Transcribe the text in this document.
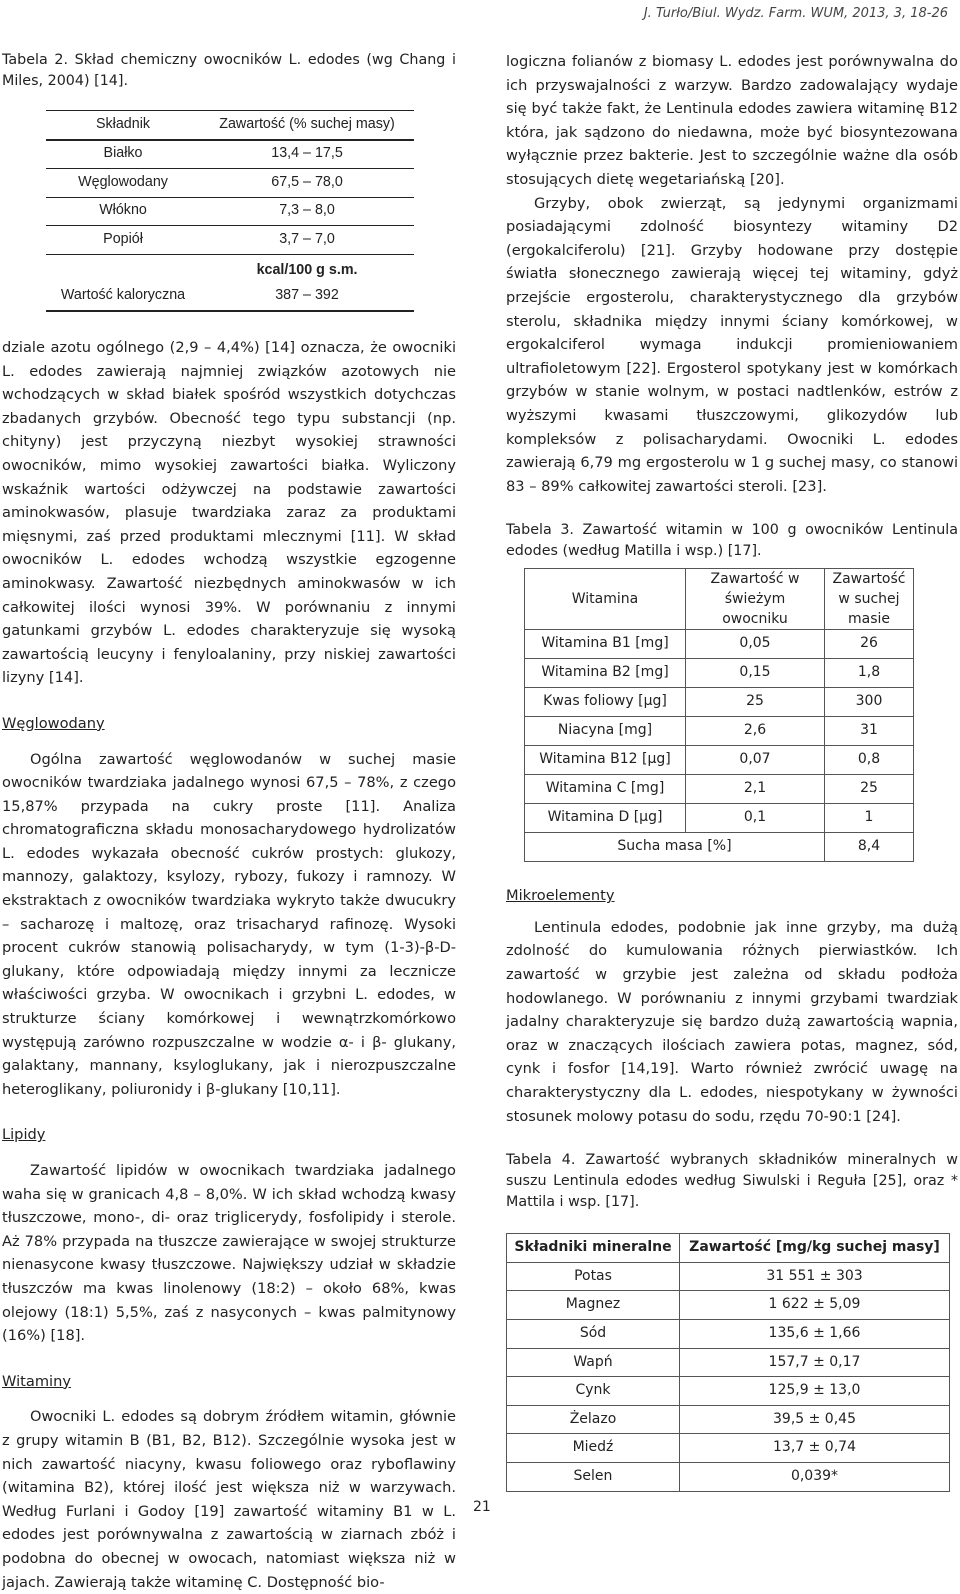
J. Turło/Biul. Wydz. Farm. WUM, 2013, 3, 18-26

Tabela 2. Skład chemiczny owocników L. edodes (wg Chang i Miles, 2004) [14].

Składnik	Zawartość (% suchej masy)
Białko	13,4 – 17,5
Węglowodany	67,5 – 78,0
Włókno	7,3 – 8,0
Popiół	3,7 – 7,0
	kcal/100 g s.m.
Wartość kaloryczna	387 – 392

dziale azotu ogólnego (2,9 – 4,4%) [14] oznacza, że owocniki L. edodes zawierają najmniej związków azotowych nie wchodzących w skład białek spośród wszystkich dotychczas zbadanych grzybów. Obecność tego typu substancji (np. chityny) jest przyczyną niezbyt wysokiej strawności owocników, mimo wysokiej zawartości białka. Wyliczony wskaźnik wartości odżywczej na podstawie zawartości aminokwasów, plasuje twardziaka zaraz za produktami mięsnymi, zaś przed produktami mlecznymi [11]. W skład owocników L. edodes wchodzą wszystkie egzogenne aminokwasy. Zawartość niezbędnych aminokwasów w ich całkowitej ilości wynosi 39%. W porównaniu z innymi gatunkami grzybów L. edodes charakteryzuje się wysoką zawartością leucyny i fenyloalaniny, przy niskiej zawartości lizyny [14].

Węglowodany

Ogólna zawartość węglowodanów w suchej masie owocników twardziaka jadalnego wynosi 67,5 – 78%, z czego 15,87% przypada na cukry proste [11]. Analiza chromatograficzna składu monosacharydowego hydrolizatów L. edodes wykazała obecność cukrów prostych: glukozy, mannozy, galaktozy, ksylozy, rybozy, fukozy i ramnozy. W ekstraktach z owocników twardziaka wykryto także dwucukry – sacharozę i maltozę, oraz trisacharyd rafinozę. Wysoki procent cukrów stanowią polisacharydy, w tym (1-3)-β-D-glukany, które odpowiadają między innymi za lecznicze właściwości grzyba. W owocnikach i grzybni L. edodes, w strukturze ściany komórkowej i wewnątrzkomórkowo występują zarówno rozpuszczalne w wodzie α- i β- glukany, galaktany, mannany, ksyloglukany, jak i nierozpuszczalne heteroglikany, poliuronidy i β-glukany [10,11].

Lipidy

Zawartość lipidów w owocnikach twardziaka jadalnego waha się w granicach 4,8 – 8,0%. W ich skład wchodzą kwasy tłuszczowe, mono-, di- oraz triglicerydy, fosfolipidy i sterole. Aż 78% przypada na tłuszcze zawierające w swojej strukturze nienasycone kwasy tłuszczowe. Największy udział w składzie tłuszczów ma kwas linolenowy (18:2) – około 68%, kwas olejowy (18:1) 5,5%, zaś z nasyconych – kwas palmitynowy (16%) [18].

Witaminy

Owocniki L. edodes są dobrym źródłem witamin, głównie z grupy witamin B (B1, B2, B12). Szczególnie wysoka jest w nich zawartość niacyny, kwasu foliowego oraz ryboflawiny (witamina B2), której ilość jest większa niż w warzywach. Według Furlani i Godoy [19] zawartość witaminy B1 w L. edodes jest porównywalna z zawartością w ziarnach zbóż i podobna do obecnej w owocach, natomiast większa niż w jajach. Zawierają także witaminę C. Dostępność bio-

logiczna folianów z biomasy L. edodes jest porównywalna do ich przyswajalności z warzyw. Bardzo zadowalający wydaje się być także fakt, że Lentinula edodes zawiera witaminę B12 która, jak sądzono do niedawna, może być biosyntezowana wyłącznie przez bakterie. Jest to szczególnie ważne dla osób stosujących dietę wegetariańską [20].

Grzyby, obok zwierząt, są jedynymi organizmami posiadającymi zdolność biosyntezy witaminy D2 (ergokalciferolu) [21]. Grzyby hodowane przy dostępie światła słonecznego zawierają więcej tej witaminy, gdyż przejście ergosterolu, charakterystycznego dla grzybów sterolu, składnika między innymi ściany komórkowej, w ergokalciferol wymaga indukcji promieniowaniem ultrafioletowym [22]. Ergosterol spotykany jest w komórkach grzybów w stanie wolnym, w postaci nadtlenków, estrów z wyższymi kwasami tłuszczowymi, glikozydów lub kompleksów z polisacharydami. Owocniki L. edodes zawierają 6,79 mg ergosterolu w 1 g suchej masy, co stanowi 83 – 89% całkowitej zawartości steroli. [23].

Tabela 3. Zawartość witamin w 100 g owocników Lentinula edodes (według Matilla i wsp.) [17].

Witamina	Zawartość w świeżym owocniku	Zawartość w suchej masie
Witamina B1 [mg]	0,05	26
Witamina B2 [mg]	0,15	1,8
Kwas foliowy [µg]	25	300
Niacyna [mg]	2,6	31
Witamina B12 [µg]	0,07	0,8
Witamina C [mg]	2,1	25
Witamina D [µg]	0,1	1
Sucha masa [%]		8,4

Mikroelementy

Lentinula edodes, podobnie jak inne grzyby, ma dużą zdolność do kumulowania różnych pierwiastków. Ich zawartość w grzybie jest zależna od składu podłoża hodowlanego. W porównaniu z innymi grzybami twardziak jadalny charakteryzuje się bardzo dużą zawartością wapnia, oraz w znaczących ilościach zawiera potas, magnez, sód, cynk i fosfor [14,19]. Warto również zwrócić uwagę na charakterystyczny dla L. edodes, niespotykany w żywności stosunek molowy potasu do sodu, rzędu 70-90:1 [24].

Tabela 4. Zawartość wybranych składników mineralnych w suszu Lentinula edodes według Siwulski i Reguła [25], oraz * Mattila i wsp. [17].

Składniki mineralne	Zawartość [mg/kg suchej masy]
Potas	31 551 ± 303
Magnez	1 622 ± 5,09
Sód	135,6 ± 1,66
Wapń	157,7 ± 0,17
Cynk	125,9 ± 13,0
Żelazo	39,5 ± 0,45
Miedź	13,7 ± 0,74
Selen	0,039*
21
